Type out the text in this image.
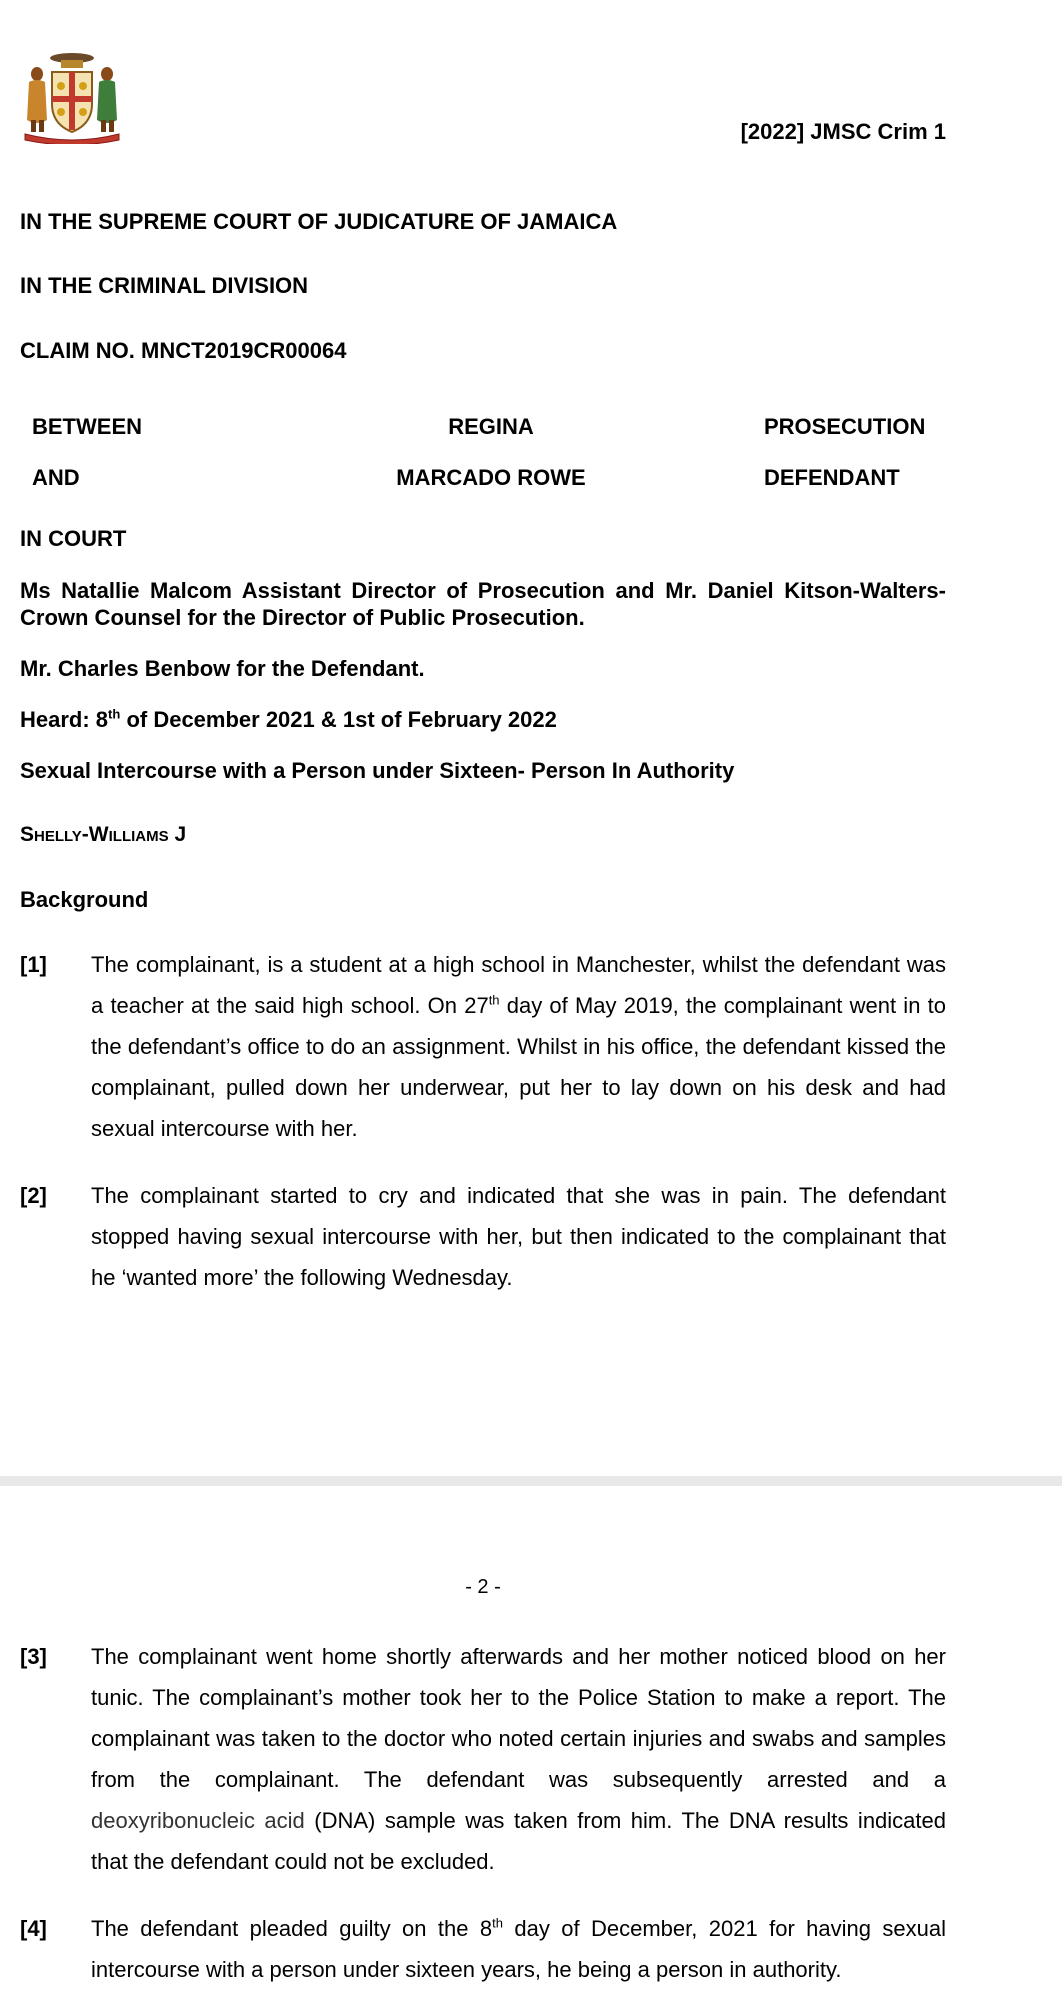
[2022] JMSC Crim 1
IN THE SUPREME COURT OF JUDICATURE OF JAMAICA
IN THE CRIMINAL DIVISION
CLAIM NO. MNCT2019CR00064
BETWEEN	REGINA	PROSECUTION
AND	MARCADO ROWE	DEFENDANT
IN COURT
Ms Natallie Malcom Assistant Director of Prosecution and Mr. Daniel Kitson-Walters- Crown Counsel for the Director of Public Prosecution.
Mr. Charles Benbow for the Defendant.
Heard: 8th of December 2021 & 1st of February 2022
Sexual Intercourse with a Person under Sixteen- Person In Authority
Shelly-Williams J
Background
[1] The complainant, is a student at a high school in Manchester, whilst the defendant was a teacher at the said high school. On 27th day of May 2019, the complainant went in to the defendant’s office to do an assignment. Whilst in his office, the defendant kissed the complainant, pulled down her underwear, put her to lay down on his desk and had sexual intercourse with her.
[2] The complainant started to cry and indicated that she was in pain. The defendant stopped having sexual intercourse with her, but then indicated to the complainant that he ‘wanted more’ the following Wednesday.
- 2 -
[3] The complainant went home shortly afterwards and her mother noticed blood on her tunic. The complainant’s mother took her to the Police Station to make a report. The complainant was taken to the doctor who noted certain injuries and swabs and samples from the complainant. The defendant was subsequently arrested and a deoxyribonucleic acid (DNA) sample was taken from him. The DNA results indicated that the defendant could not be excluded.
[4] The defendant pleaded guilty on the 8th day of December, 2021 for having sexual intercourse with a person under sixteen years, he being a person in authority.
